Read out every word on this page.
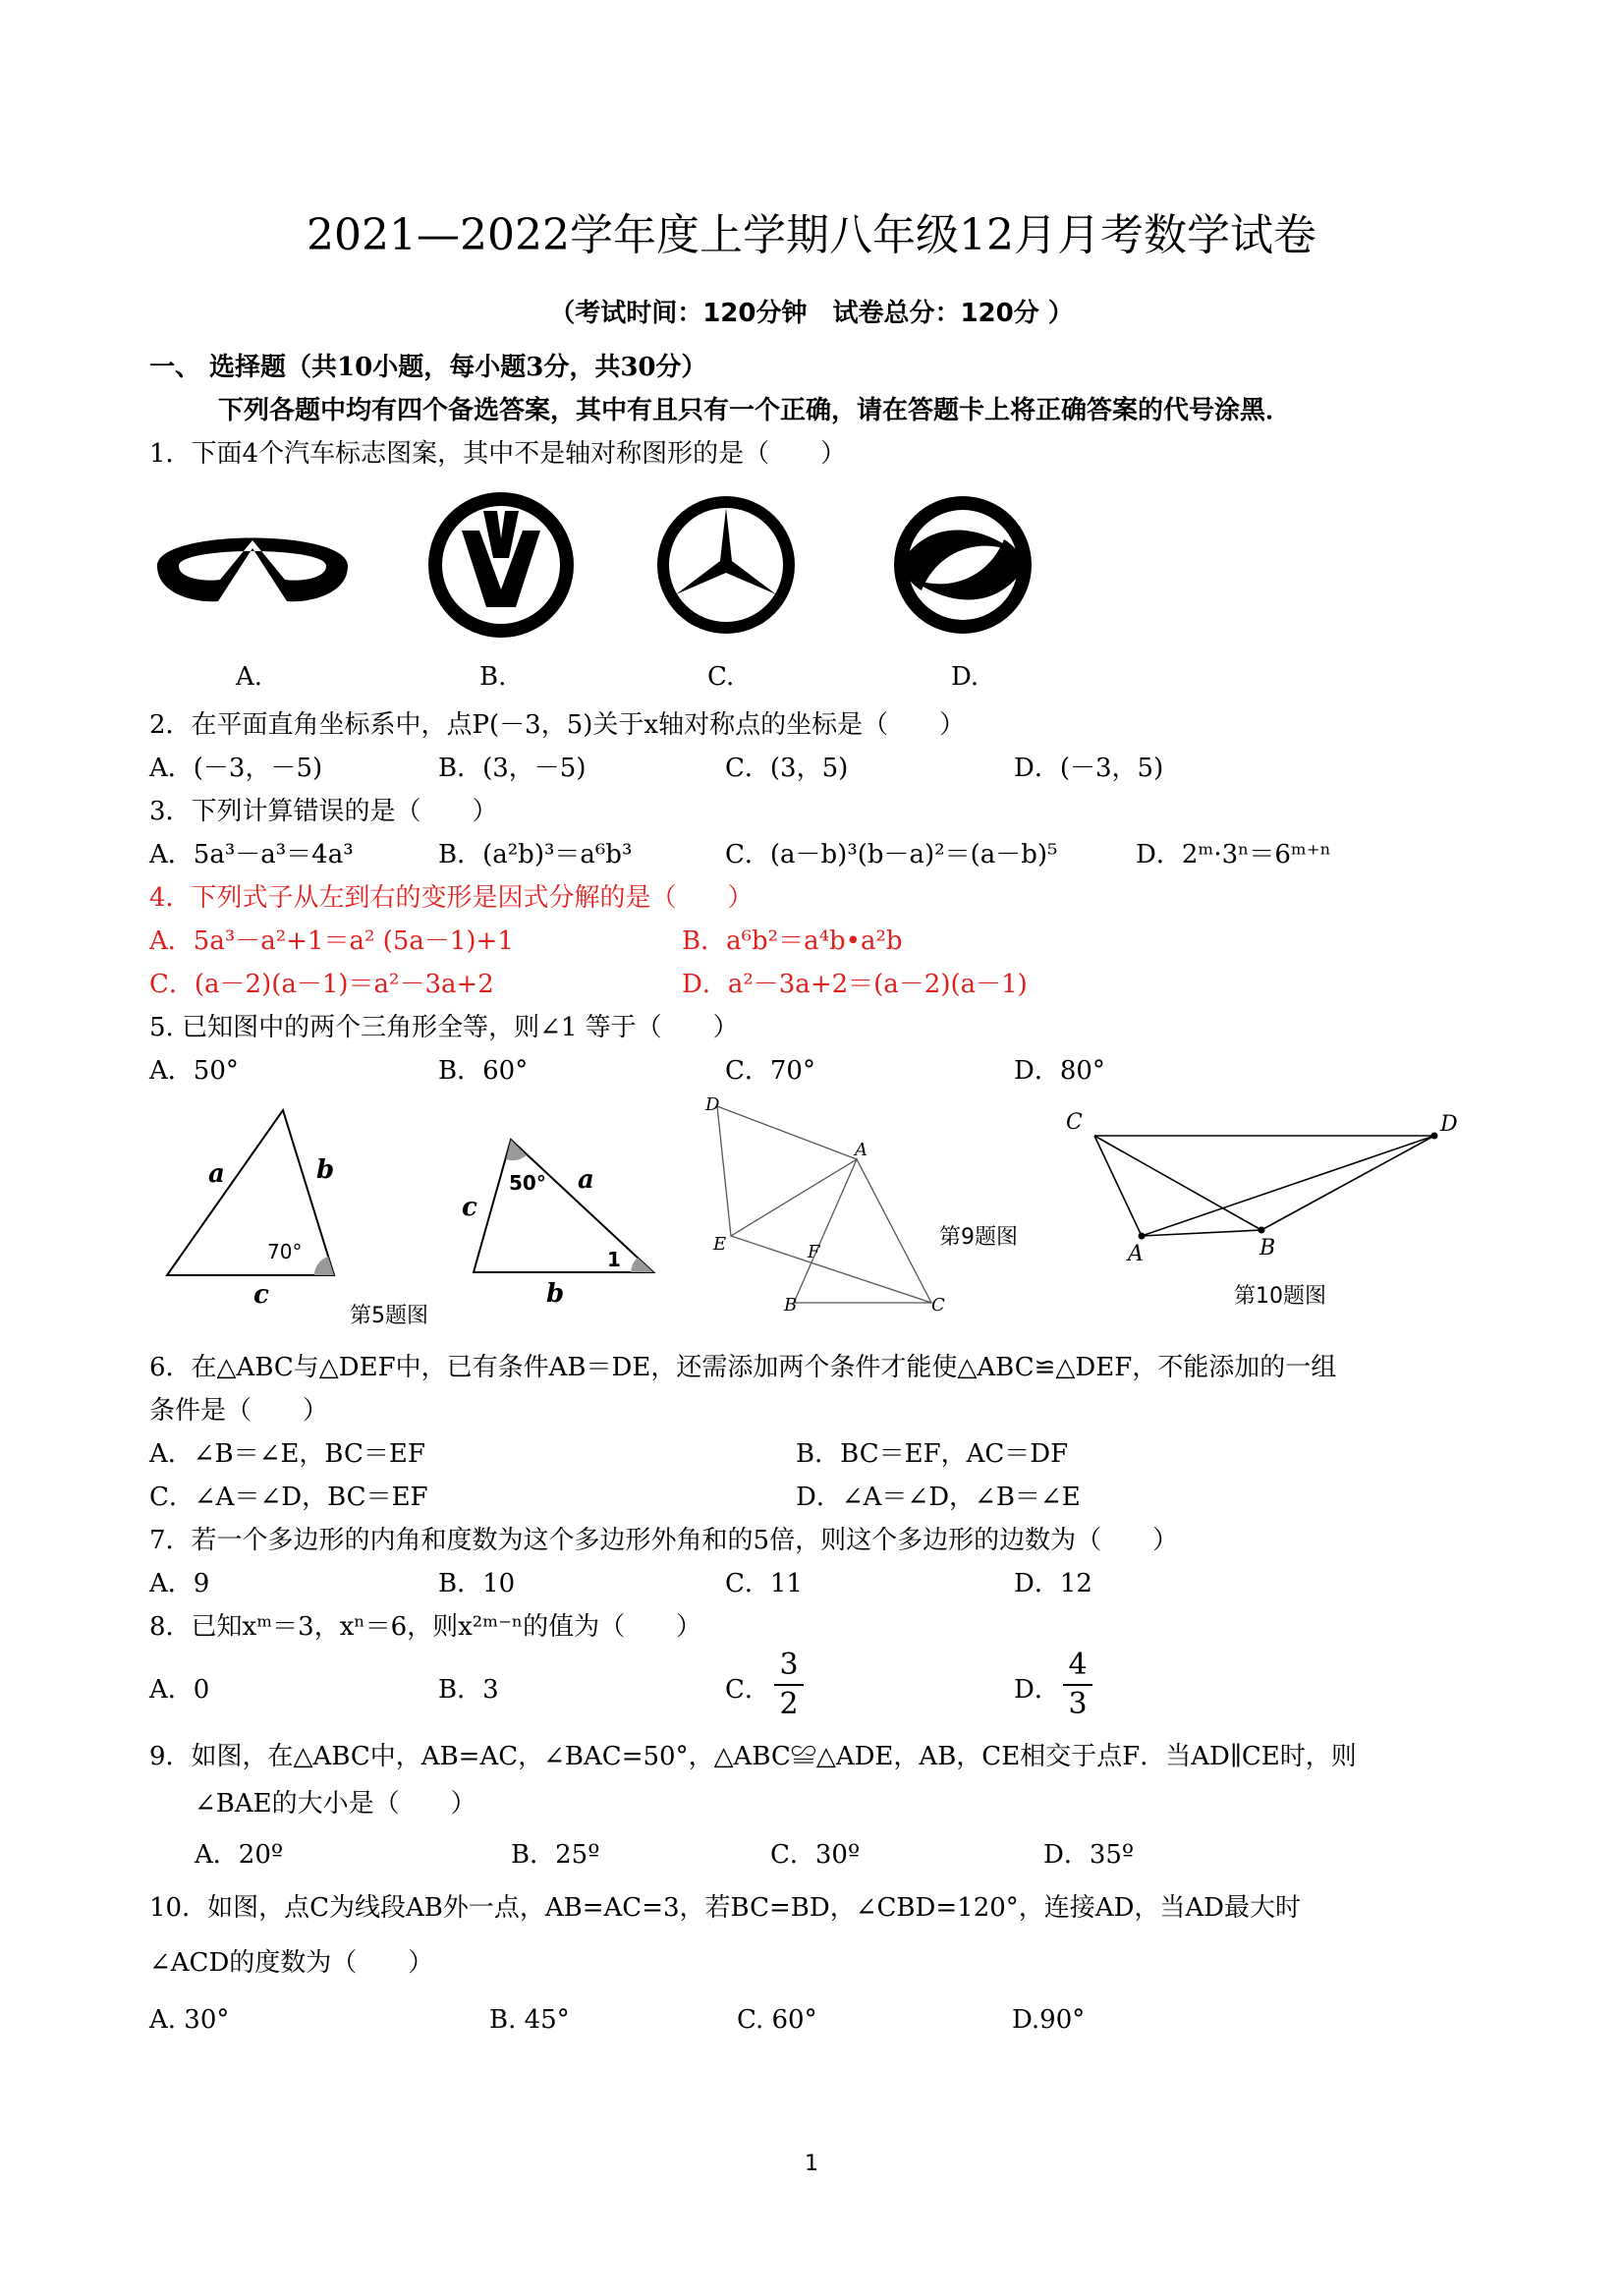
2021—2022学年度上学期八年级12月月考数学试卷
（考试时间：120分钟　试卷总分：120分 ）
一、 选择题（共10小题，每小题3分，共30分）
下列各题中均有四个备选答案，其中有且只有一个正确，请在答题卡上将正确答案的代号涂黑．
1．下面4个汽车标志图案，其中不是轴对称图形的是（　　）
A.	B.	C.	D.
2．在平面直角坐标系中，点P(－3，5)关于x轴对称点的坐标是（　　）
A．(－3，－5)	B．(3，－5)	C．(3，5)	D．(－3，5)
3．下列计算错误的是（　　）
A．5a³－a³＝4a³	B．(a²b)³＝a⁶b³	C．(a－b)³(b－a)²＝(a－b)⁵	D．2ᵐ·3ⁿ＝6ᵐ⁺ⁿ
4．下列式子从左到右的变形是因式分解的是（　　）
A．5a³－a²+1＝a² (5a－1)+1	B．a⁶b²＝a⁴b•a²b
C．(a－2)(a－1)＝a²－3a+2	D．a²－3a+2＝(a－2)(a－1)
5. 已知图中的两个三角形全等，则∠1 等于（　　）
A．50°	B．60°	C．70°	D．80°
a	b
c
70°
c
a
b
50°
1
第5题图
D
A
E	F
B	C
第9题图
C	D
A	B
第10题图
6．在△ABC与△DEF中，已有条件AB＝DE，还需添加两个条件才能使△ABC≌△DEF，不能添加的一组
条件是（　　）
A．∠B＝∠E，BC＝EF	B．BC＝EF，AC＝DF
C．∠A＝∠D，BC＝EF	D．∠A＝∠D，∠B＝∠E
7．若一个多边形的内角和度数为这个多边形外角和的5倍，则这个多边形的边数为（　　）
A．9	B．10	C．11	D．12
8．已知xᵐ＝3，xⁿ＝6，则x²ᵐ⁻ⁿ的值为（　　）
A．0	B．3	C．
3
2	D．
4
3
9．如图，在△ABC中，AB=AC，∠BAC=50°，△ABC≌△ADE，AB，CE相交于点F．当AD∥CE时，则
∠BAE的大小是（　　）
A．20º	B．25º	C．30º	D．35º
10．如图，点C为线段AB外一点，AB=AC=3，若BC=BD，∠CBD=120°，连接AD，当AD最大时
∠ACD的度数为（　　）
A. 30°	B. 45°	C. 60°	D.90°
1
